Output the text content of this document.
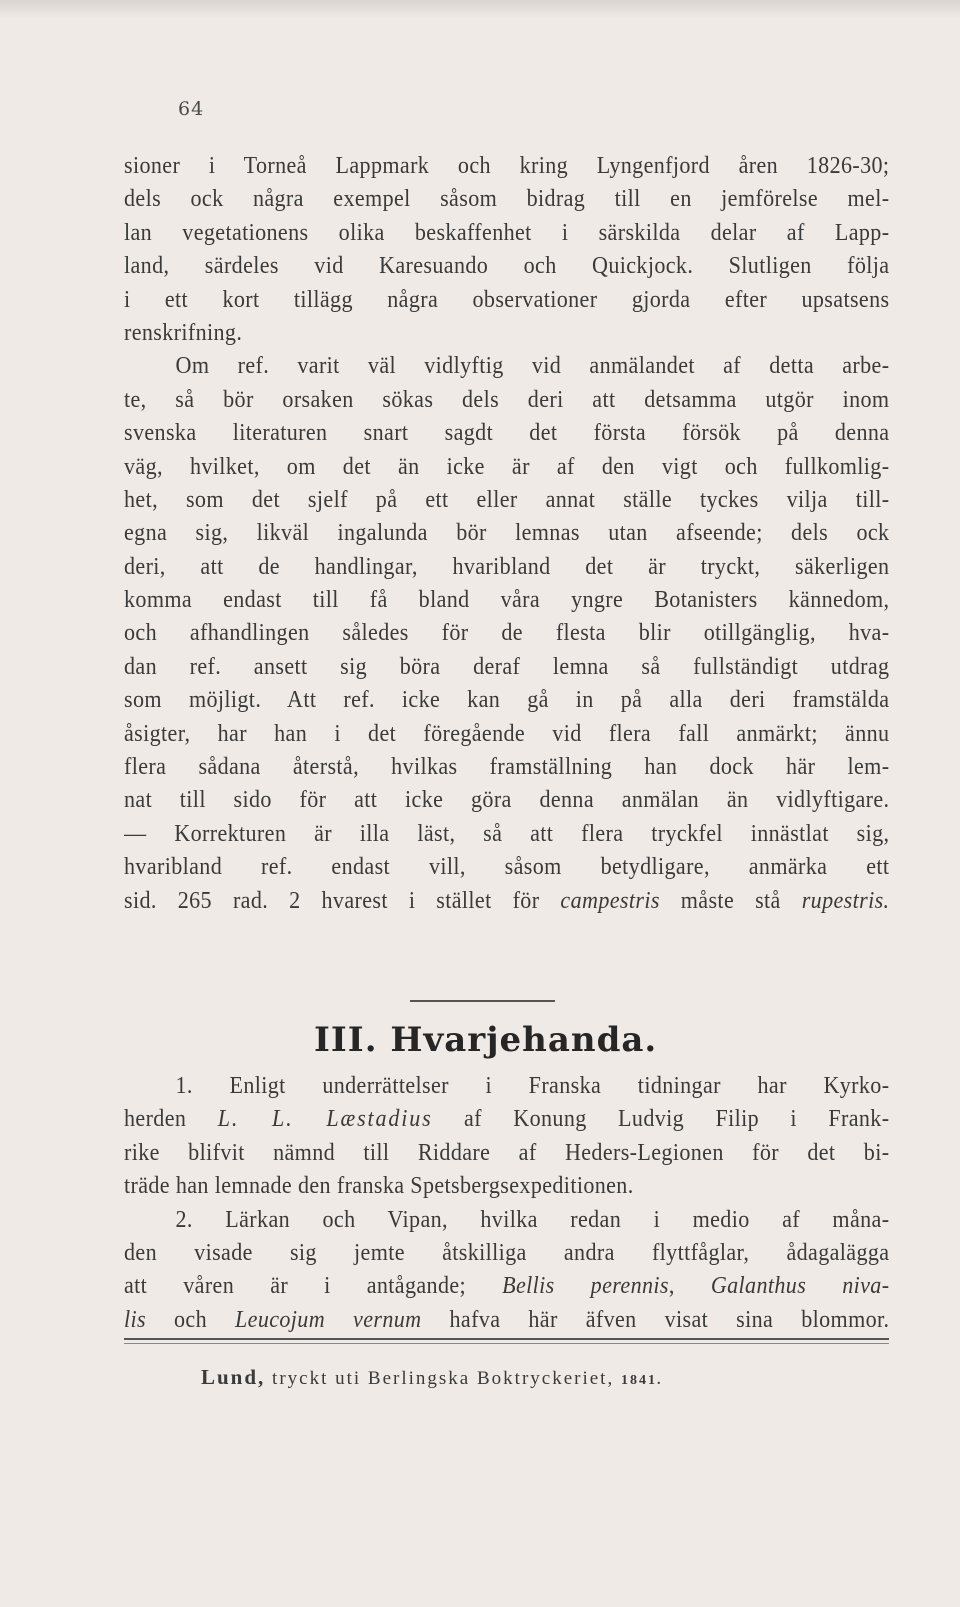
64
sioner i Torneå Lappmark och kring Lyngenfjord åren 1826-30;
dels ock några exempel såsom bidrag till en jemförelse mel-
lan vegetationens olika beskaffenhet i särskilda delar af Lapp-
land, särdeles vid Karesuando och Quickjock. Slutligen följa
i ett kort tillägg några observationer gjorda efter upsatsens
renskrifning.
Om ref. varit väl vidlyftig vid anmälandet af detta arbe-
te, så bör orsaken sökas dels deri att detsamma utgör inom
svenska literaturen snart sagdt det första försök på denna
väg, hvilket, om det än icke är af den vigt och fullkomlig-
het, som det sjelf på ett eller annat ställe tyckes vilja till-
egna sig, likväl ingalunda bör lemnas utan afseende; dels ock
deri, att de handlingar, hvaribland det är tryckt, säkerligen
komma endast till få bland våra yngre Botanisters kännedom,
och afhandlingen således för de flesta blir otillgänglig, hva-
dan ref. ansett sig böra deraf lemna så fullständigt utdrag
som möjligt. Att ref. icke kan gå in på alla deri framstälda
åsigter, har han i det föregående vid flera fall anmärkt; ännu
flera sådana återstå, hvilkas framställning han dock här lem-
nat till sido för att icke göra denna anmälan än vidlyftigare.
— Korrekturen är illa läst, så att flera tryckfel innästlat sig,
hvaribland ref. endast vill, såsom betydligare, anmärka ett
sid. 265 rad. 2 hvarest i stället för campestris måste stå rupestris.
III. Hvarjehanda.
1. Enligt underrättelser i Franska tidningar har Kyrko-
herden L. L. Læstadius af Konung Ludvig Filip i Frank-
rike blifvit nämnd till Riddare af Heders-Legionen för det bi-
träde han lemnade den franska Spetsbergsexpeditionen.
2. Lärkan och Vipan, hvilka redan i medio af måna-
den visade sig jemte åtskilliga andra flyttfåglar, ådagalägga
att våren är i antågande; Bellis perennis, Galanthus niva-
lis och Leucojum vernum hafva här äfven visat sina blommor.
Lund, tryckt uti Berlingska Boktryckeriet, 1841.
